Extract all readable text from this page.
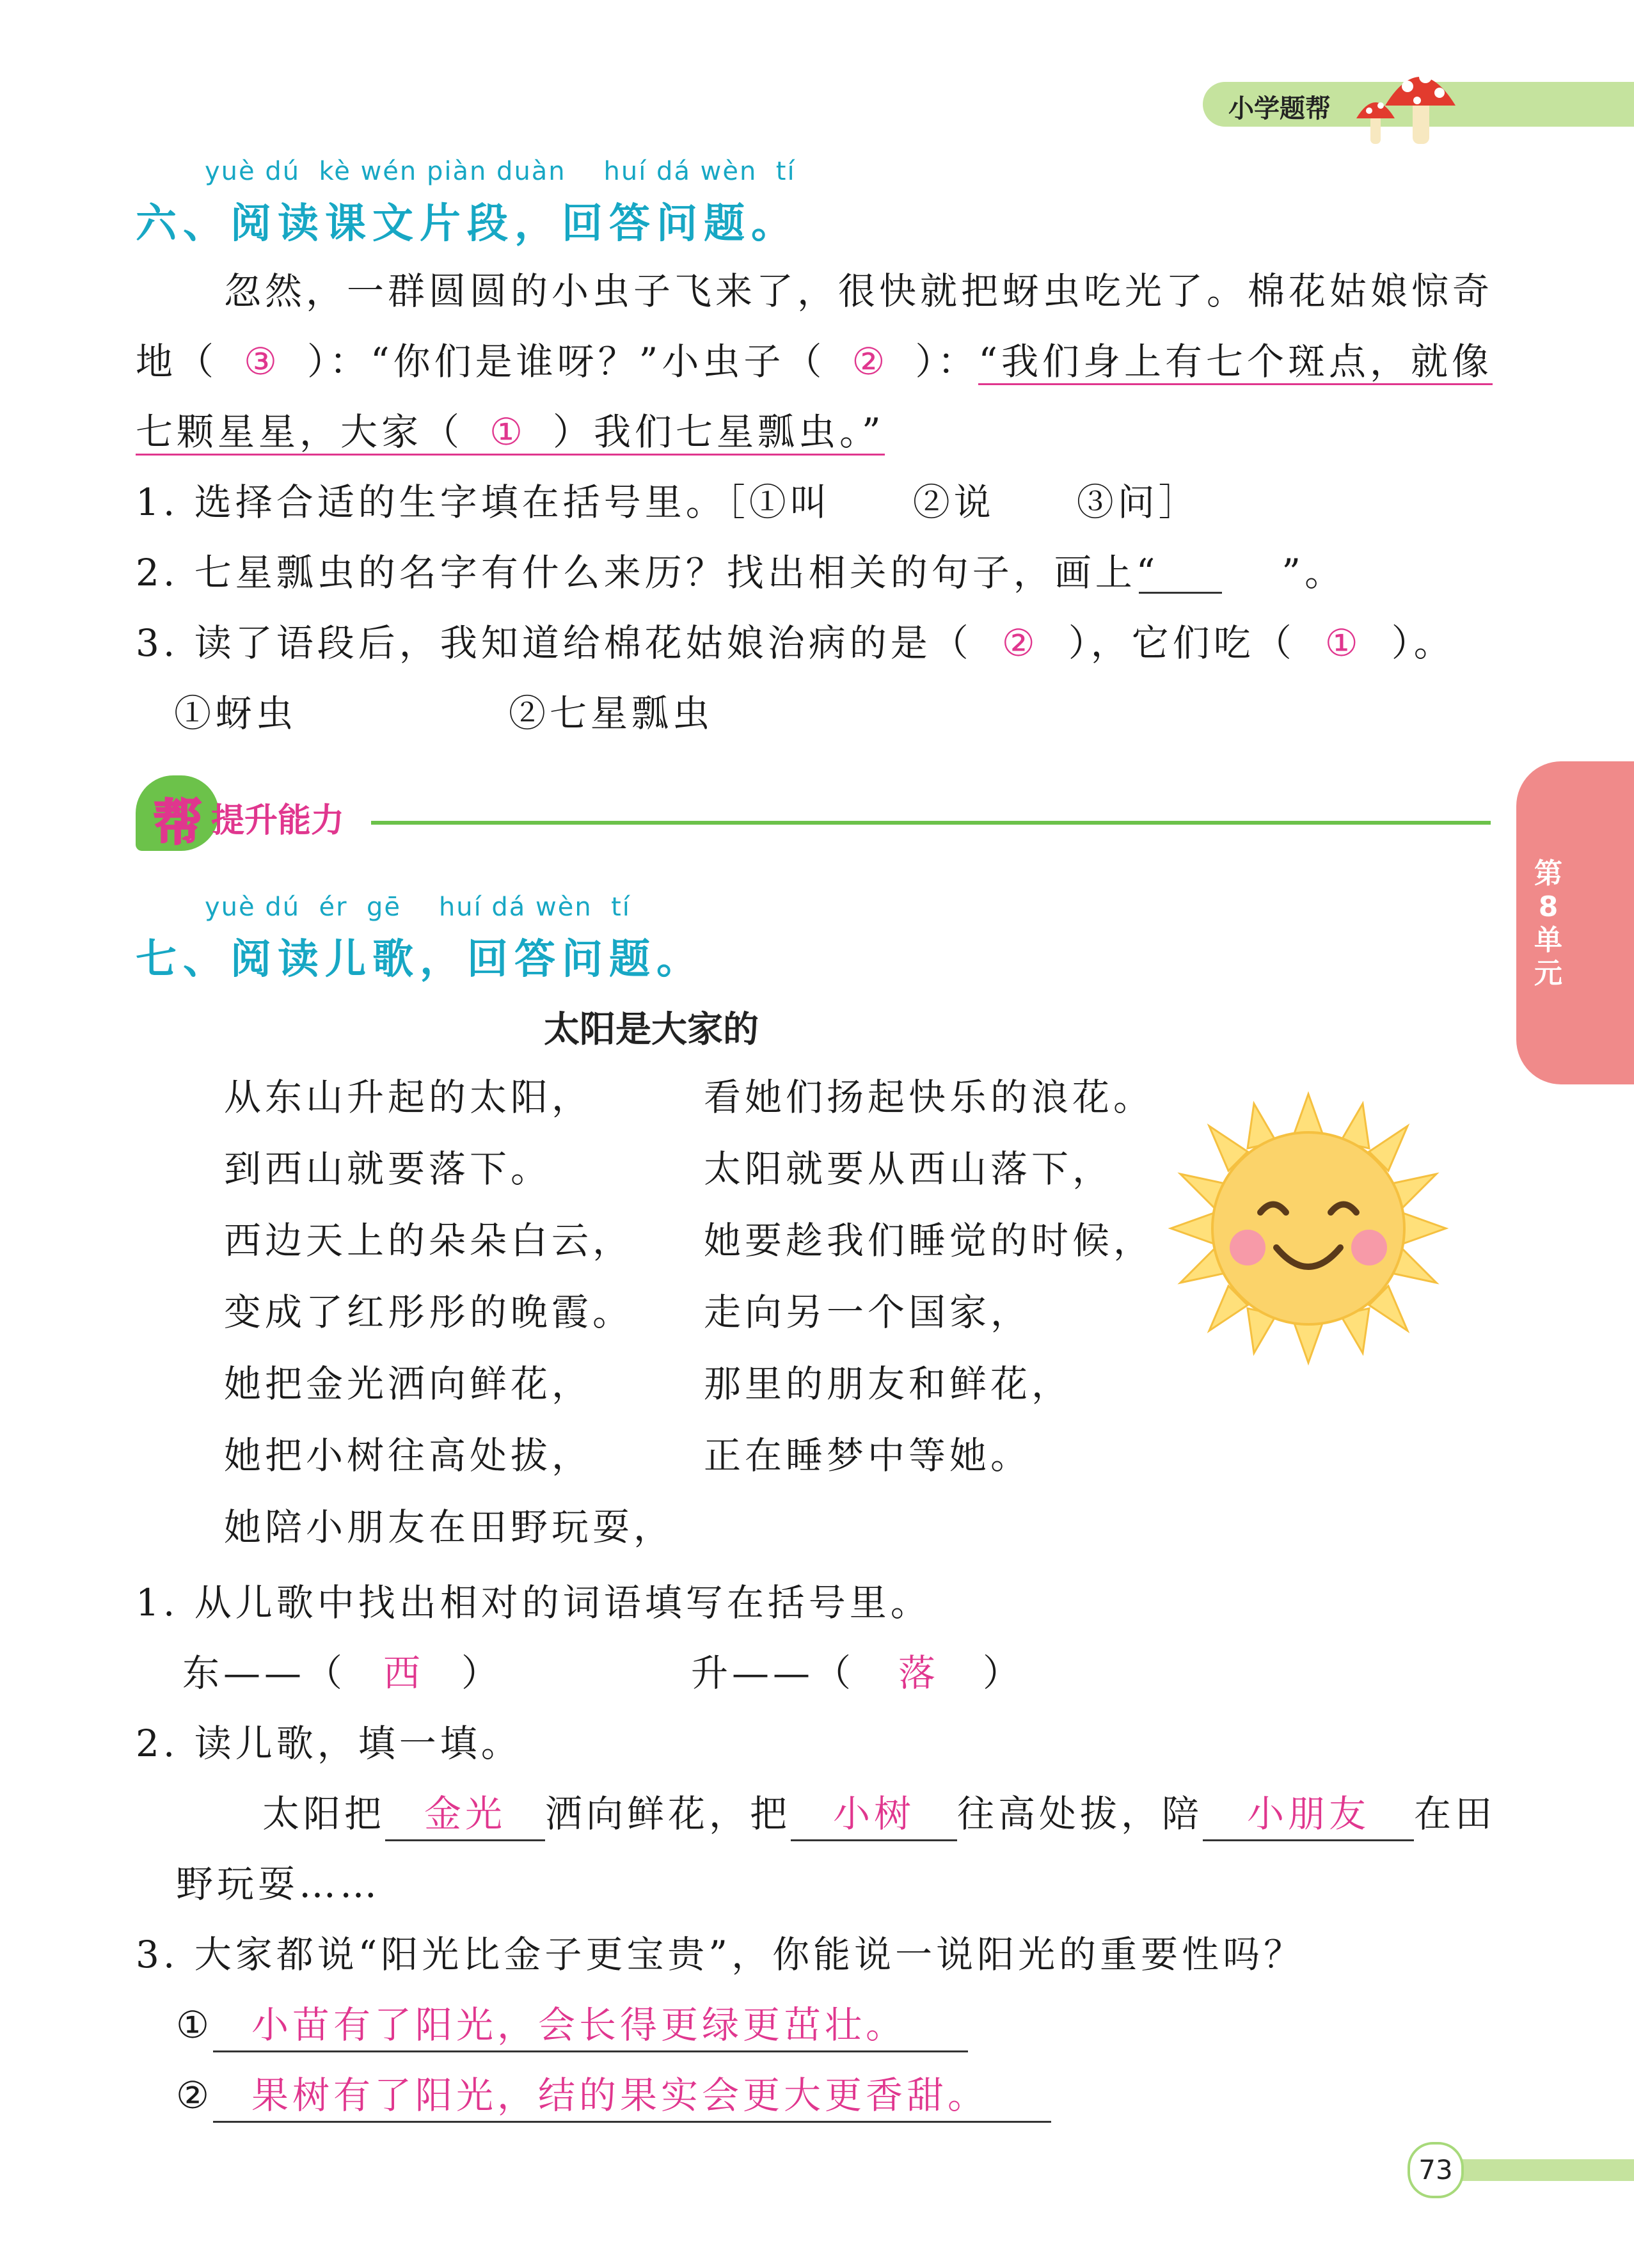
小学题帮
第8单元
yuè dú  kè wén piàn duàn    huí dá wèn  tí
六、阅读课文片段，回答问题。
忽然，一群圆圆的小虫子飞来了，很快就把蚜虫吃光了。棉花姑娘惊奇
地（ ③ ）：“你们是谁呀？”小虫子（ ② ）：“我们身上有七个斑点，就像
七颗星星，大家（ ① ）我们七星瓢虫。”
1. 选择合适的生字填在括号里。［①叫　　②说　　③问］
2. 七星瓢虫的名字有什么来历？找出相关的句子，画上“　　　”。
3. 读了语段后，我知道给棉花姑娘治病的是（ ② ），它们吃（ ① ）。
①蚜虫	②七星瓢虫
帮 提升能力
yuè dú  ér  gē    huí dá wèn  tí
七、阅读儿歌，回答问题。
太阳是大家的
从东山升起的太阳，
到西山就要落下。
西边天上的朵朵白云，
变成了红彤彤的晚霞。
她把金光洒向鲜花，
她把小树往高处拔，
她陪小朋友在田野玩耍，
看她们扬起快乐的浪花。
太阳就要从西山落下，
她要趁我们睡觉的时候，
走向另一个国家，
那里的朋友和鲜花，
正在睡梦中等她。
1. 从儿歌中找出相对的词语填写在括号里。
东——（ 西 ）	升——（ 落 ）
2. 读儿歌，填一填。
太阳把 金光 洒向鲜花，把 小树 往高处拔，陪 小朋友 在田
野玩耍……
3. 大家都说“阳光比金子更宝贵”，你能说一说阳光的重要性吗？
① 小苗有了阳光，会长得更绿更茁壮。
② 果树有了阳光，结的果实会更大更香甜。
73
